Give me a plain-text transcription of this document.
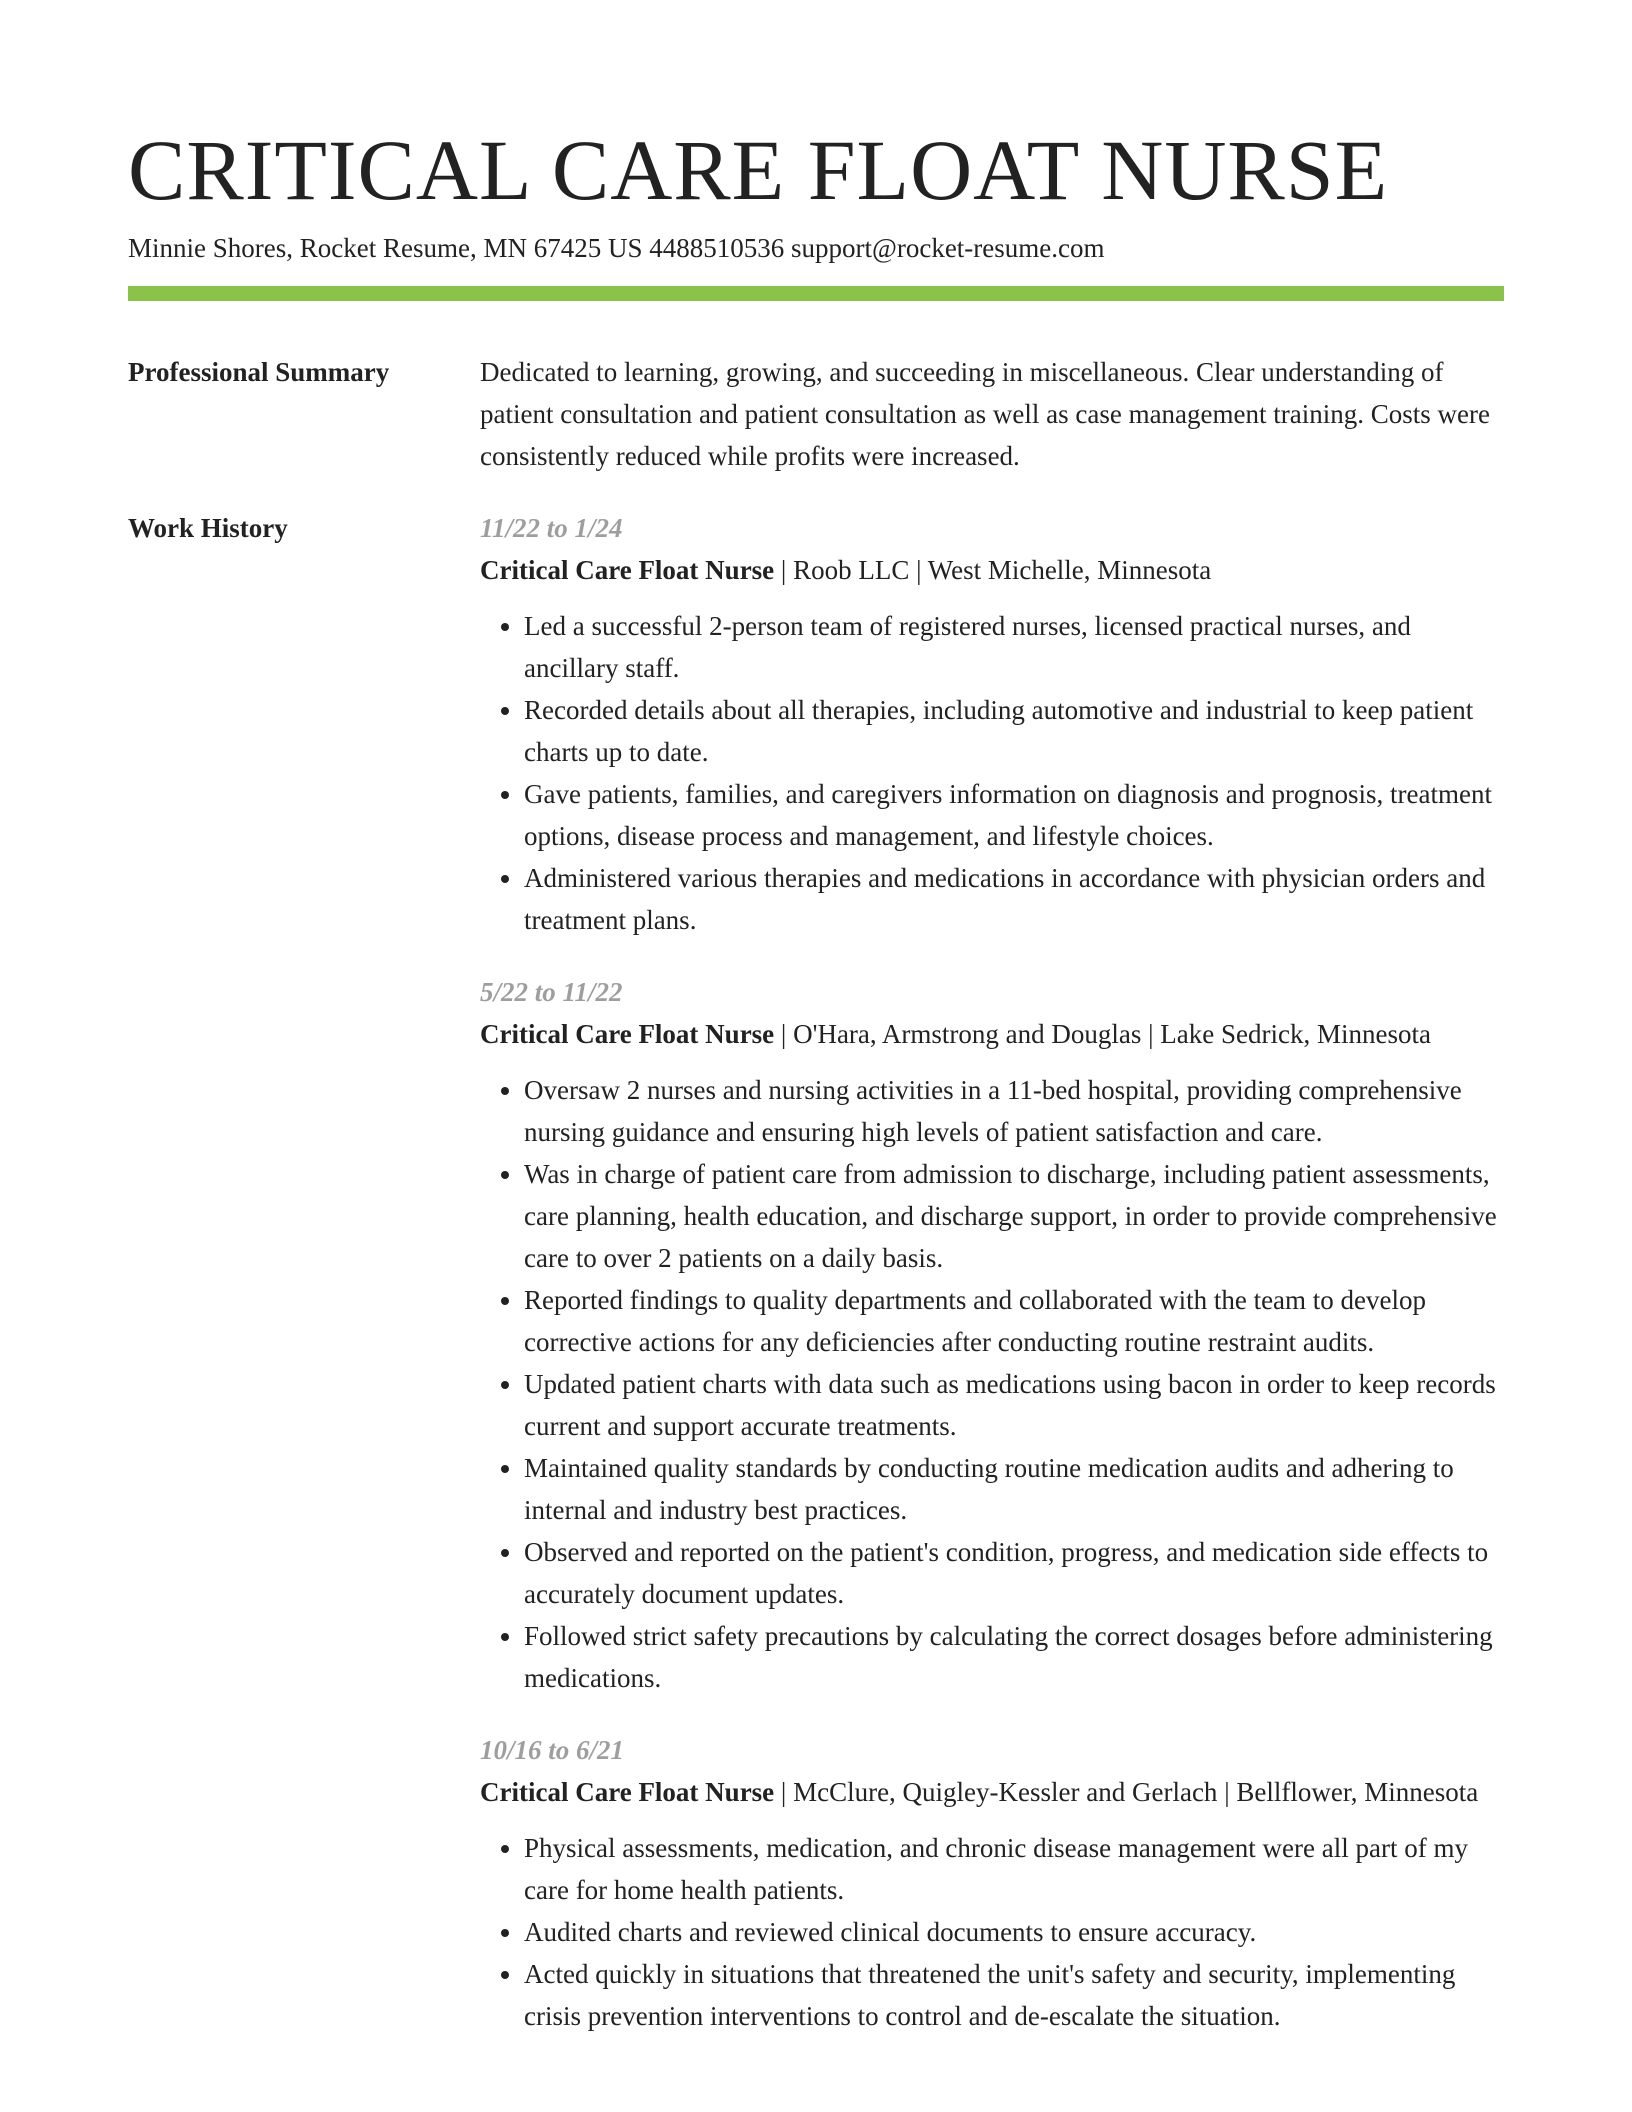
CRITICAL CARE FLOAT NURSE
Minnie Shores, Rocket Resume, MN 67425 US 4488510536 support@rocket-resume.com
Professional Summary	Dedicated to learning, growing, and succeeding in miscellaneous. Clear understanding of patient consultation and patient consultation as well as case management training. Costs were consistently reduced while profits were increased.

Work History	11/22 to 1/24
Critical Care Float Nurse | Roob LLC | West Michelle, Minnesota
• Led a successful 2-person team of registered nurses, licensed practical nurses, and ancillary staff.
• Recorded details about all therapies, including automotive and industrial to keep patient charts up to date.
• Gave patients, families, and caregivers information on diagnosis and prognosis, treatment options, disease process and management, and lifestyle choices.
• Administered various therapies and medications in accordance with physician orders and treatment plans.
5/22 to 11/22
Critical Care Float Nurse | O'Hara, Armstrong and Douglas | Lake Sedrick, Minnesota
• Oversaw 2 nurses and nursing activities in a 11-bed hospital, providing comprehensive nursing guidance and ensuring high levels of patient satisfaction and care.
• Was in charge of patient care from admission to discharge, including patient assessments, care planning, health education, and discharge support, in order to provide comprehensive care to over 2 patients on a daily basis.
• Reported findings to quality departments and collaborated with the team to develop corrective actions for any deficiencies after conducting routine restraint audits.
• Updated patient charts with data such as medications using bacon in order to keep records current and support accurate treatments.
• Maintained quality standards by conducting routine medication audits and adhering to internal and industry best practices.
• Observed and reported on the patient's condition, progress, and medication side effects to accurately document updates.
• Followed strict safety precautions by calculating the correct dosages before administering medications.
10/16 to 6/21
Critical Care Float Nurse | McClure, Quigley-Kessler and Gerlach | Bellflower, Minnesota
• Physical assessments, medication, and chronic disease management were all part of my care for home health patients.
• Audited charts and reviewed clinical documents to ensure accuracy.
• Acted quickly in situations that threatened the unit's safety and security, implementing crisis prevention interventions to control and de-escalate the situation.
